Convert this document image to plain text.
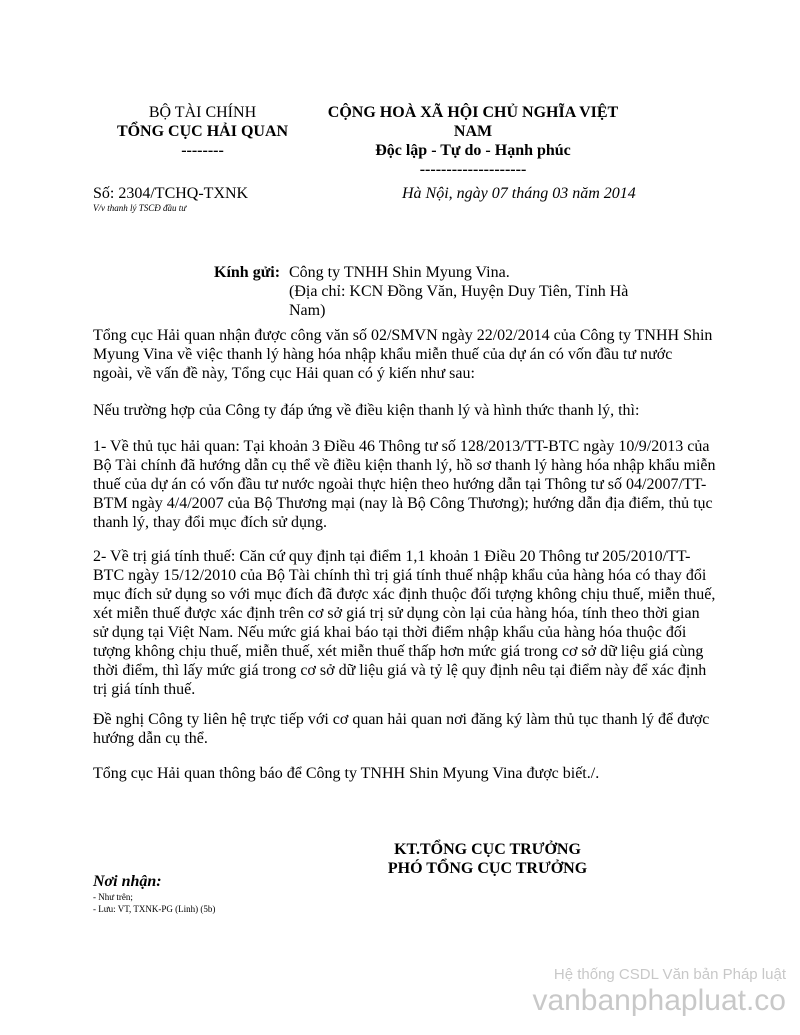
BỘ TÀI CHÍNH
TỔNG CỤC HẢI QUAN
--------
CỘNG HOÀ XÃ HỘI CHỦ NGHĨA VIỆT
NAM
Độc lập - Tự do - Hạnh phúc
--------------------
Số: 2304/TCHQ-TXNK
V/v thanh lý TSCĐ đầu tư
Hà Nội, ngày 07 tháng 03 năm 2014
Kính gửi: Công ty TNHH Shin Myung Vina.
(Địa chỉ: KCN Đồng Văn, Huyện Duy Tiên, Tỉnh Hà
Nam)
Tổng cục Hải quan nhận được công văn số 02/SMVN ngày 22/02/2014 của Công ty TNHH Shin
Myung Vina về việc thanh lý hàng hóa nhập khẩu miễn thuế của dự án có vốn đầu tư nước
ngoài, về vấn đề này, Tổng cục Hải quan có ý kiến như sau:
Nếu trường hợp của Công ty đáp ứng về điều kiện thanh lý và hình thức thanh lý, thì:
1- Về thủ tục hải quan: Tại khoản 3 Điều 46 Thông tư số 128/2013/TT-BTC ngày 10/9/2013 của
Bộ Tài chính đã hướng dẫn cụ thể về điều kiện thanh lý, hồ sơ thanh lý hàng hóa nhập khẩu miễn
thuế của dự án có vốn đầu tư nước ngoài thực hiện theo hướng dẫn tại Thông tư số 04/2007/TT-
BTM ngày 4/4/2007 của Bộ Thương mại (nay là Bộ Công Thương); hướng dẫn địa điểm, thủ tục
thanh lý, thay đổi mục đích sử dụng.
2- Về trị giá tính thuế: Căn cứ quy định tại điểm 1,1 khoản 1 Điều 20 Thông tư 205/2010/TT-
BTC ngày 15/12/2010 của Bộ Tài chính thì trị giá tính thuế nhập khẩu của hàng hóa có thay đổi
mục đích sử dụng so với mục đích đã được xác định thuộc đối tượng không chịu thuế, miễn thuế,
xét miễn thuế được xác định trên cơ sở giá trị sử dụng còn lại của hàng hóa, tính theo thời gian
sử dụng tại Việt Nam. Nếu mức giá khai báo tại thời điểm nhập khẩu của hàng hóa thuộc đối
tượng không chịu thuế, miễn thuế, xét miễn thuế thấp hơn mức giá trong cơ sở dữ liệu giá cùng
thời điểm, thì lấy mức giá trong cơ sở dữ liệu giá và tỷ lệ quy định nêu tại điểm này để xác định
trị giá tính thuế.
Đề nghị Công ty liên hệ trực tiếp với cơ quan hải quan nơi đăng ký làm thủ tục thanh lý để được
hướng dẫn cụ thể.
Tổng cục Hải quan thông báo để Công ty TNHH Shin Myung Vina được biết./.
KT.TỔNG CỤC TRƯỞNG
PHÓ TỔNG CỤC TRƯỞNG
Nơi nhận:
- Như trên;
- Lưu: VT, TXNK-PG (Linh) (5b)
Hệ thống CSDL Văn bản Pháp luật
vanbanphapluat.co
